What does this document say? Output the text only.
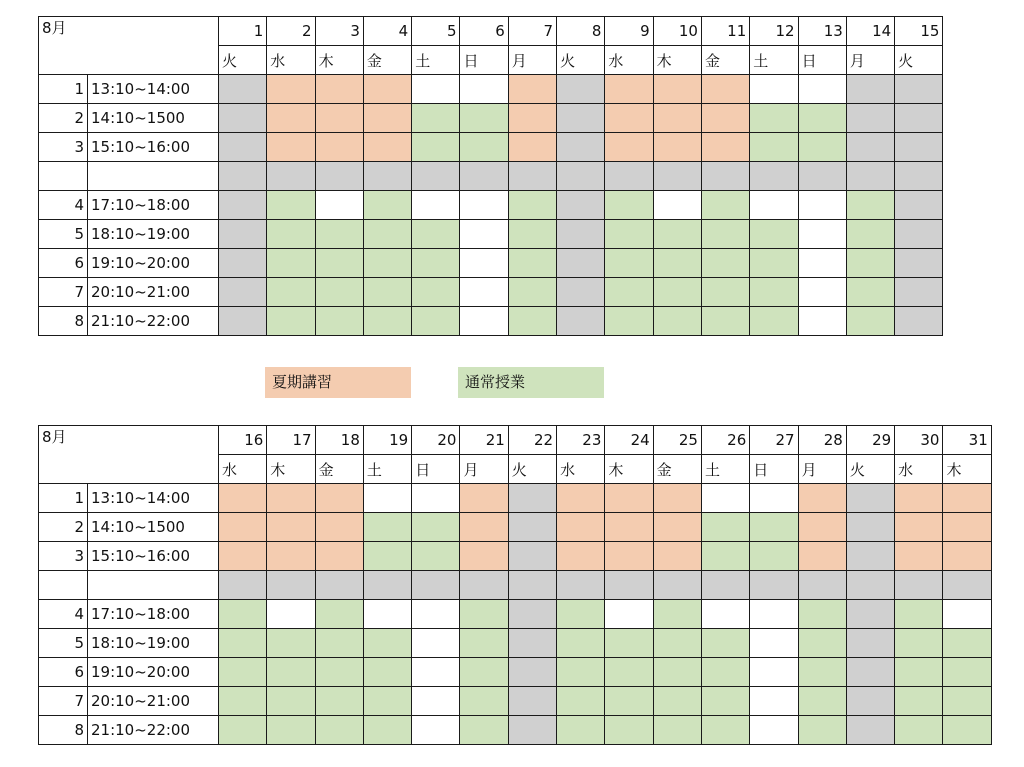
8月		1	2	3	4	5	6	7	8	9	10	11	12	13	14	15
		火	水	木	金	土	日	月	火	水	木	金	土	日	月	火
1	13:10~14:00															
2	14:10~1500															
3	15:10~16:00															

4	17:10~18:00															
5	18:10~19:00															
6	19:10~20:00															
7	20:10~21:00															
8	21:10~22:00															
夏期講習	通常授業
8月		16	17	18	19	20	21	22	23	24	25	26	27	28	29	30	31
		水	木	金	土	日	月	火	水	木	金	土	日	月	火	水	木
1	13:10~14:00																
2	14:10~1500																
3	15:10~16:00																

4	17:10~18:00																
5	18:10~19:00																
6	19:10~20:00																
7	20:10~21:00																
8	21:10~22:00																
